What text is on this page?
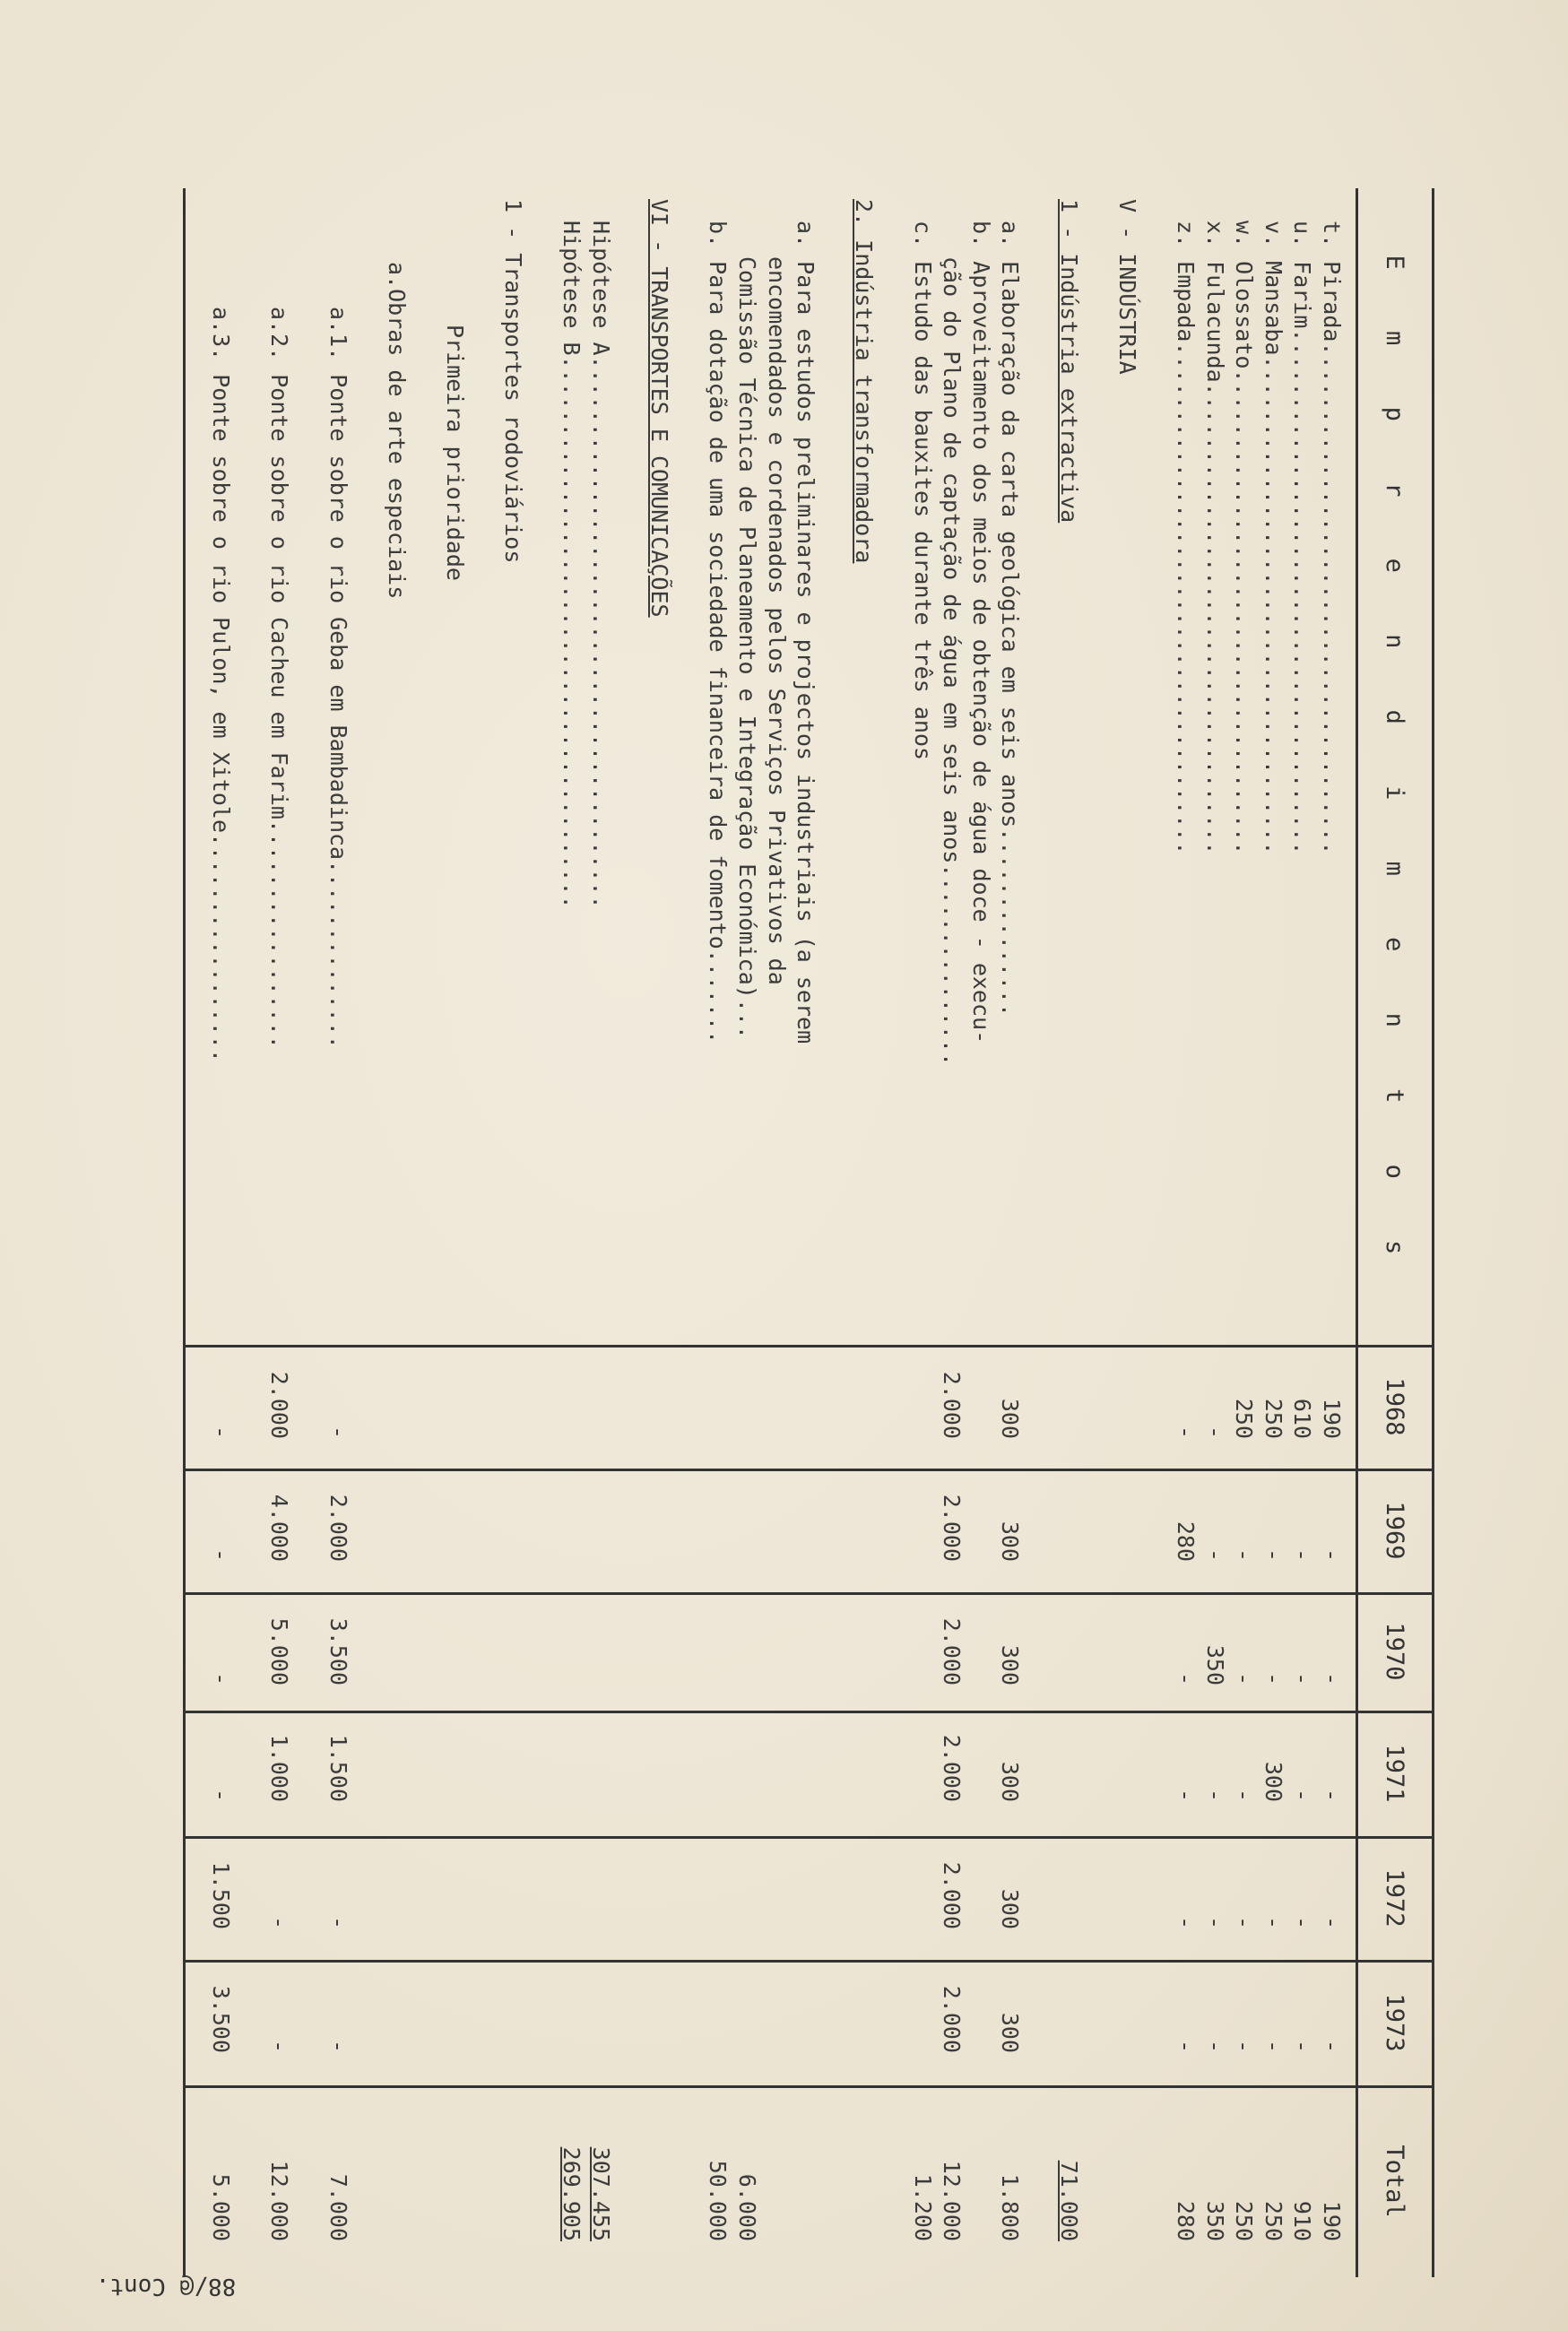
E m p r e n d i m e n t o s
1968
1969
1970
1971
1972
1973
Total
t. Pirada......................................
190
-
-
-
-
-
190
u. Farim.......................................
610
-
-
-
-
-
910
v. Mansaba.....................................
250
-
-
300
-
-
250
w. Olossato....................................
250
-
-
-
-
-
250
x. Fulacunda...................................
-
-
350
-
-
-
350
z. Empada......................................
-
280
-
-
-
-
280
V - INDÚSTRIA
1 - Indústria extractiva
71.000
a. Elaboração da carta geológica em seis anos..............
300
300
300
300
300
300
1.800
b. Aproveitamento dos meios de obtenção de água doce - execu-
ção do Plano de captação de água em seis anos...............
2.000
2.000
2.000
2.000
2.000
2.000
12.000
c. Estudo das bauxites durante três anos
1.200
2. Indústria transformadora
a. Para estudos preliminares e projectos industriais (a serem
encomendados e cordenados pelos Serviços Privativos da
Comissão Técnica de Planeamento e Integração Económica)...
6.000
b. Para dotação de uma sociedade financeira de fomento.......
50.000
VI - TRANSPORTES E COMUNICAÇÕES
Hipótese A.........................................
307.455
Hipótese B.........................................
269.905
1 - Transportes rodoviários
Primeira prioridade
a.Obras de arte especiais
a.1. Ponte sobre o rio Geba em Bambadinca..............
-
2.000
3.500
1.500
-
-
7.000
a.2. Ponte sobre o rio Cacheu em Farim.................
2.000
4.000
5.000
1.000
-
-
12.000
a.3. Ponte sobre o rio Pulon, em Xitole.................
-
-
-
-
1.500
3.500
5.000
88/@ Cont.
